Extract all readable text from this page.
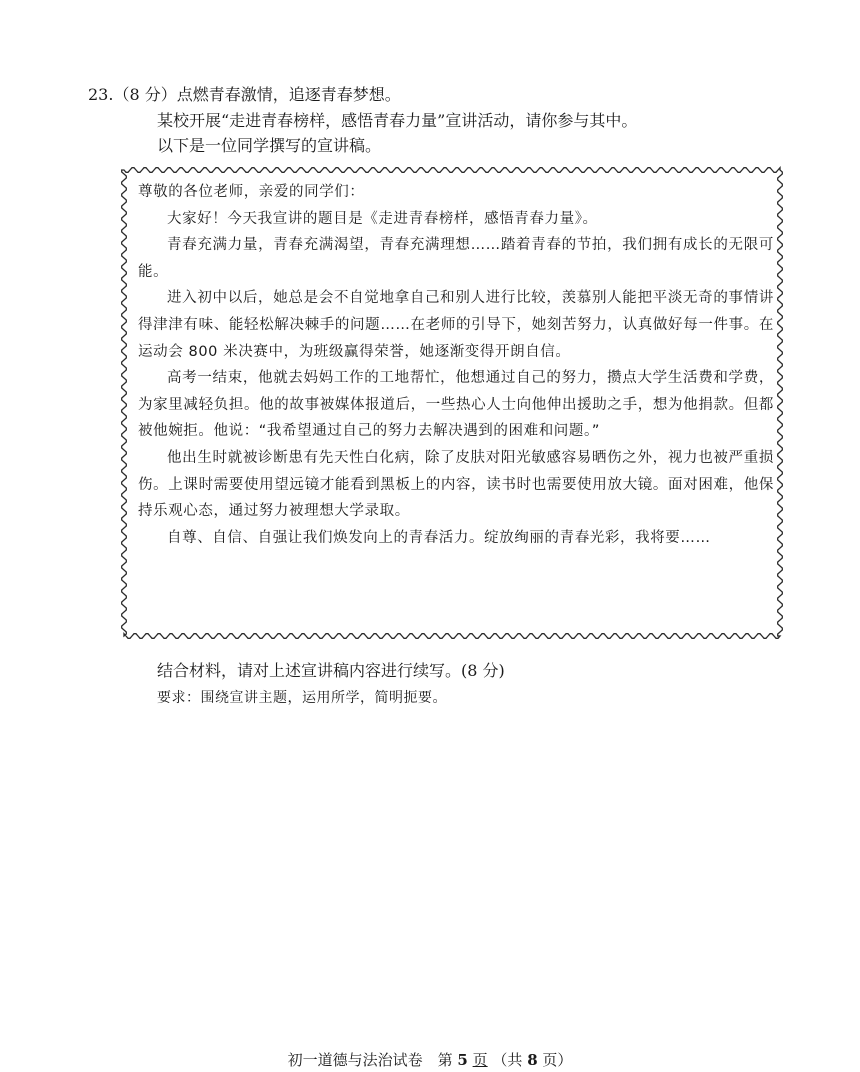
23.（8 分）点燃青春激情，追逐青春梦想。
某校开展“走进青春榜样，感悟青春力量”宣讲活动，请你参与其中。
以下是一位同学撰写的宣讲稿。

尊敬的各位老师，亲爱的同学们：

大家好！今天我宣讲的题目是《走进青春榜样，感悟青春力量》。

青春充满力量，青春充满渴望，青春充满理想……踏着青春的节拍，我们拥有成长的无限可能。

进入初中以后，她总是会不自觉地拿自己和别人进行比较，羡慕别人能把平淡无奇的事情讲得津津有味、能轻松解决棘手的问题……在老师的引导下，她刻苦努力，认真做好每一件事。在运动会 800 米决赛中，为班级赢得荣誉，她逐渐变得开朗自信。

高考一结束，他就去妈妈工作的工地帮忙，他想通过自己的努力，攒点大学生活费和学费，为家里减轻负担。他的故事被媒体报道后，一些热心人士向他伸出援助之手，想为他捐款。但都被他婉拒。他说：“我希望通过自己的努力去解决遇到的困难和问题。”

他出生时就被诊断患有先天性白化病，除了皮肤对阳光敏感容易晒伤之外，视力也被严重损伤。上课时需要使用望远镜才能看到黑板上的内容，读书时也需要使用放大镜。面对困难，他保持乐观心态，通过努力被理想大学录取。

自尊、自信、自强让我们焕发向上的青春活力。绽放绚丽的青春光彩，我将要……

结合材料，请对上述宣讲稿内容进行续写。(8 分)
要求：围绕宣讲主题，运用所学，简明扼要。
初一道德与法治试卷　第 5 页 （共 8 页）
